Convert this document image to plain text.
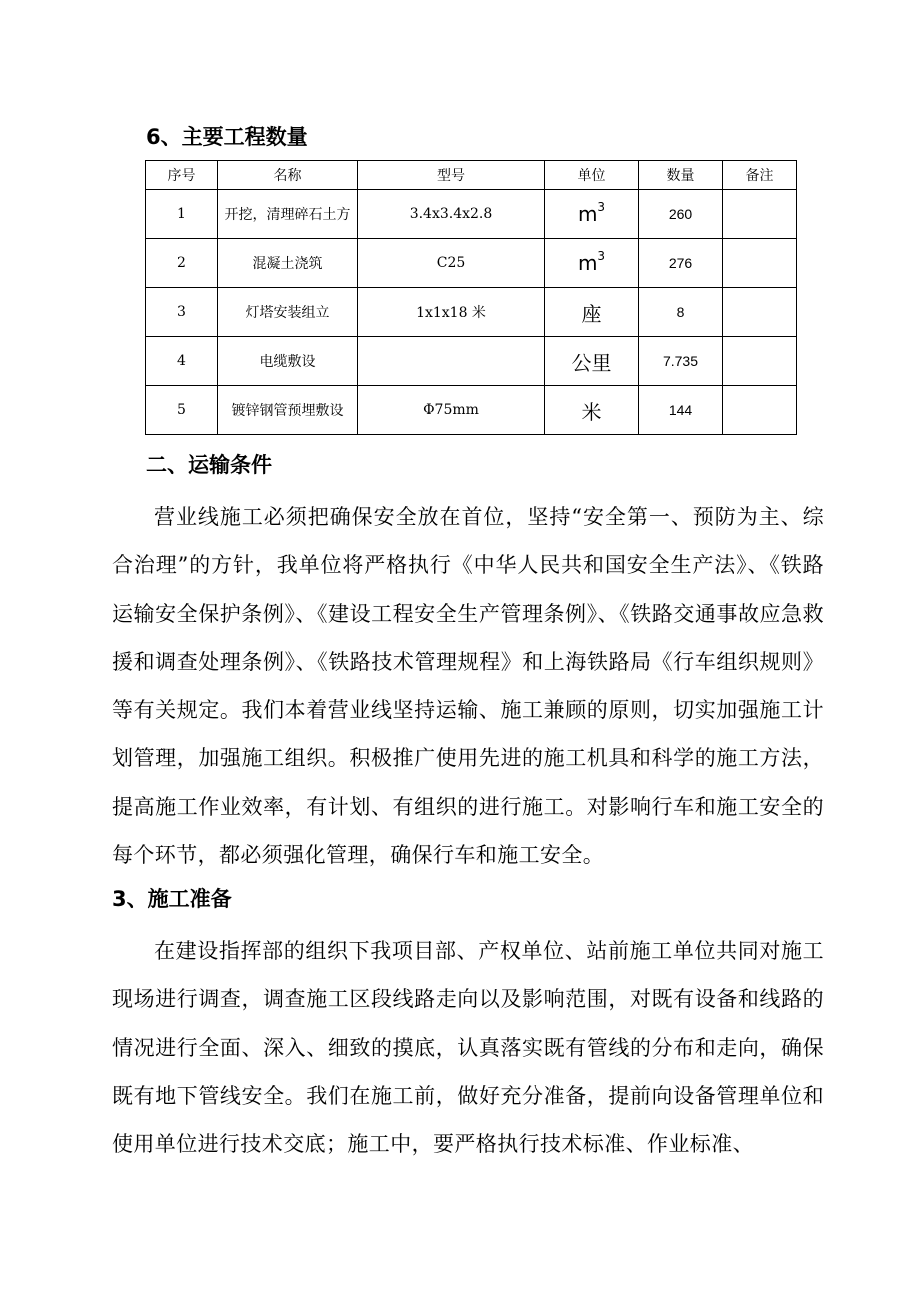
6、主要工程数量
序号	名称	型号	单位	数量	备注
1	开挖，清理碎石土方	3.4x3.4x2.8	$m^3$	260	
2	混凝土浇筑	C25	$m^3$	276	
3	灯塔安装组立	1x1x18 米	座	8	
4	电缆敷设		公里	7.735	
5	镀锌钢管预埋敷设	Φ75mm	米	144	
二、运输条件

营业线施工必须把确保安全放在首位，坚持“安全第一、预防为主、综合治理”的方针，我单位将严格执行《中华人民共和国安全生产法》、《铁路运输安全保护条例》、《建设工程安全生产管理条例》、《铁路交通事故应急救援和调查处理条例》、《铁路技术管理规程》和上海铁路局《行车组织规则》等有关规定。我们本着营业线坚持运输、施工兼顾的原则，切实加强施工计划管理，加强施工组织。积极推广使用先进的施工机具和科学的施工方法，提高施工作业效率，有计划、有组织的进行施工。对影响行车和施工安全的每个环节，都必须强化管理，确保行车和施工安全。

3、施工准备

在建设指挥部的组织下我项目部、产权单位、站前施工单位共同对施工现场进行调查，调查施工区段线路走向以及影响范围，对既有设备和线路的情况进行全面、深入、细致的摸底，认真落实既有管线的分布和走向，确保既有地下管线安全。我们在施工前，做好充分准备，提前向设备管理单位和使用单位进行技术交底；施工中，要严格执行技术标准、作业标准、
